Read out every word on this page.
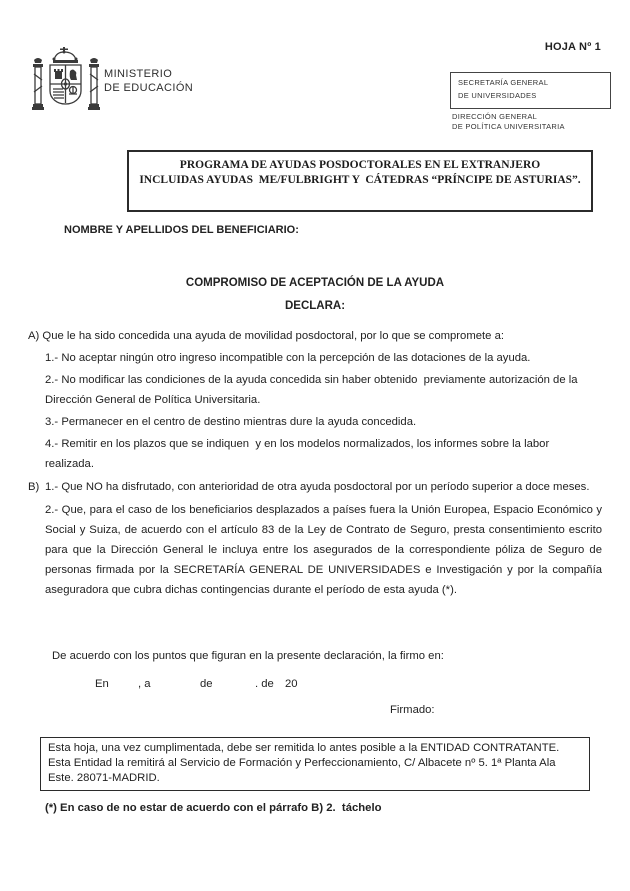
HOJA Nº 1
MINISTERIO
DE EDUCACIÓN	SECRETARÍA GENERAL
DE UNIVERSIDADES
DIRECCIÓN GENERAL
DE POLÍTICA UNIVERSITARIA
PROGRAMA DE AYUDAS POSDOCTORALES EN EL EXTRANJERO
INCLUIDAS AYUDAS  ME/FULBRIGHT Y  CÁTEDRAS “PRÍNCIPE DE ASTURIAS”.
NOMBRE Y APELLIDOS DEL BENEFICIARIO:
COMPROMISO DE ACEPTACIÓN DE LA AYUDA
DECLARA:

A) Que le ha sido concedida una ayuda de movilidad posdoctoral, por lo que se compromete a:

1.- No aceptar ningún otro ingreso incompatible con la percepción de las dotaciones de la ayuda.

2.- No modificar las condiciones de la ayuda concedida sin haber obtenido  previamente autorización de la Dirección General de Política Universitaria.

3.- Permanecer en el centro de destino mientras dure la ayuda concedida.

4.- Remitir en los plazos que se indiquen  y en los modelos normalizados, los informes sobre la labor realizada.

B) 1.- Que NO ha disfrutado, con anterioridad de otra ayuda posdoctoral por un período superior a doce meses.

2.- Que, para el caso de los beneficiarios desplazados a países fuera la Unión Europea, Espacio Económico y Social y Suiza, de acuerdo con el artículo 83 de la Ley de Contrato de Seguro, presta consentimiento escrito para que la Dirección General le incluya entre los asegurados de la correspondiente póliza de Seguro de personas firmada por la SECRETARÍA GENERAL DE UNIVERSIDADES e Investigación y por la compañía aseguradora que cubra dichas contingencias durante el período de esta ayuda (*).

De acuerdo con los puntos que figuran en la presente declaración, la firmo en:
En	, a	de	. de 20
Firmado:

Esta hoja, una vez cumplimentada, debe ser remitida lo antes posible a la ENTIDAD CONTRATANTE.

Esta Entidad la remitirá al Servicio de Formación y Perfeccionamiento, C/ Albacete nº 5. 1ª Planta Ala Este. 28071-MADRID.

(*) En caso de no estar de acuerdo con el párrafo B) 2.  táchelo
